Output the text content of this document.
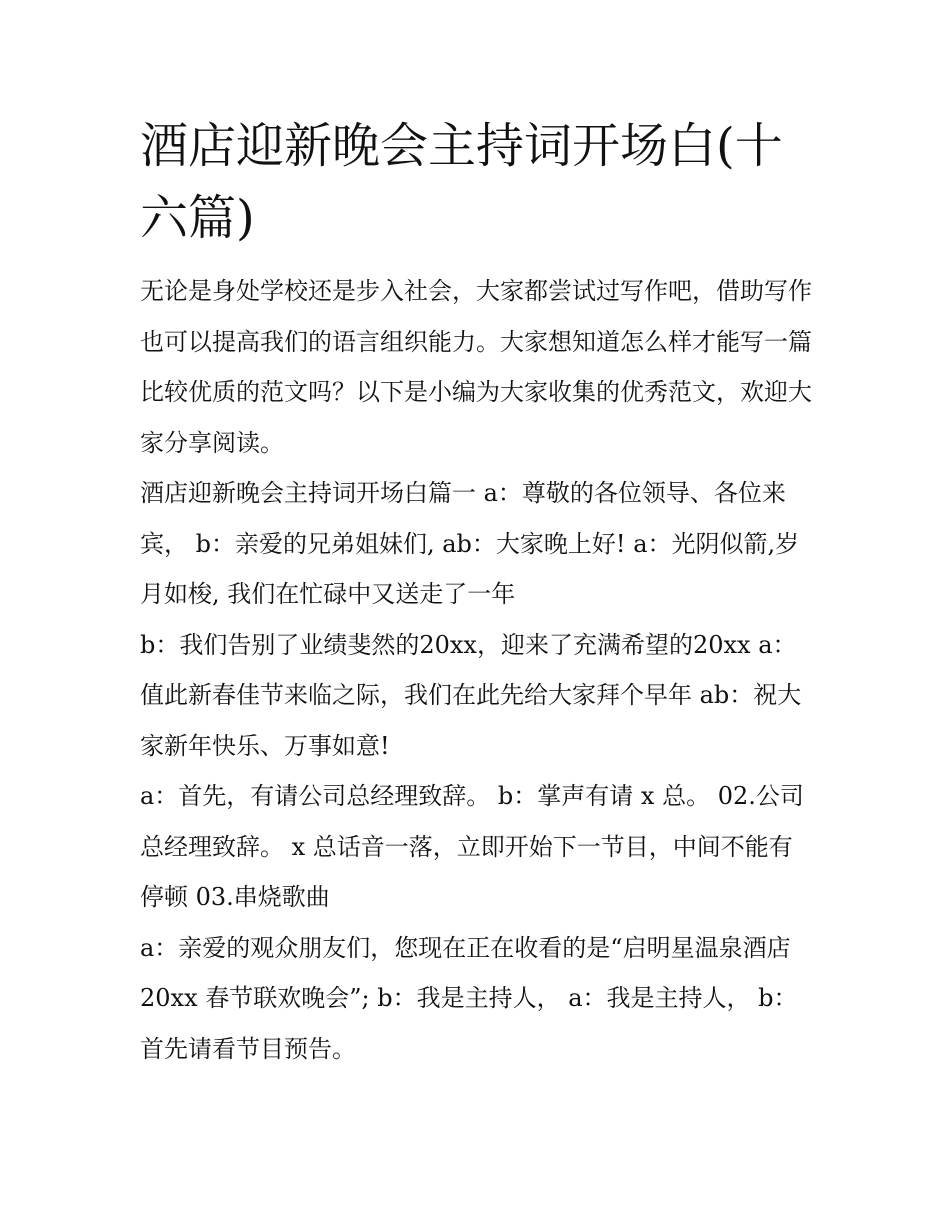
酒店迎新晚会主持词开场白(十六篇)

无论是身处学校还是步入社会，大家都尝试过写作吧，借助写作也可以提高我们的语言组织能力。大家想知道怎么样才能写一篇比较优质的范文吗？以下是小编为大家收集的优秀范文，欢迎大家分享阅读。

酒店迎新晚会主持词开场白篇一 a：尊敬的各位领导、各位来宾， b：亲爱的兄弟姐妹们, ab：大家晚上好! a：光阴似箭,岁月如梭, 我们在忙碌中又送走了一年

b：我们告别了业绩斐然的20xx，迎来了充满希望的20xx a：值此新春佳节来临之际，我们在此先给大家拜个早年 ab：祝大家新年快乐、万事如意!

a：首先，有请公司总经理致辞。 b：掌声有请 x 总。 02.公司总经理致辞。 x 总话音一落，立即开始下一节目，中间不能有停顿 03.串烧歌曲

a：亲爱的观众朋友们，您现在正在收看的是“启明星温泉酒店20xx 春节联欢晚会”; b：我是主持人， a：我是主持人， b：首先请看节目预告。
